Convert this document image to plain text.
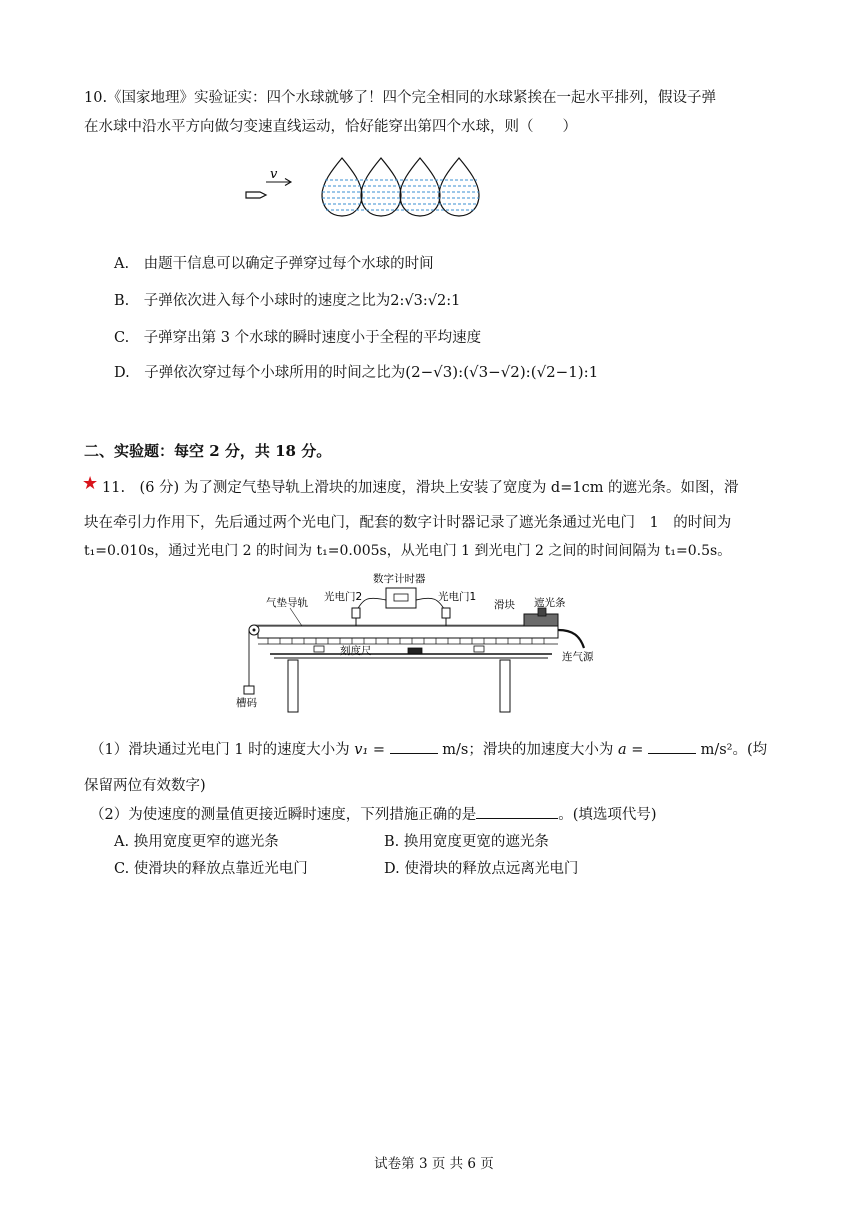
10.《国家地理》实验证实：四个水球就够了！四个完全相同的水球紧挨在一起水平排列，假设子弹
在水球中沿水平方向做匀变速直线运动，恰好能穿出第四个水球，则（　　）
v
A.　由题干信息可以确定子弹穿过每个水球的时间
B.　子弹依次进入每个小球时的速度之比为2:√3:√2:1
C.　子弹穿出第 3 个水球的瞬时速度小于全程的平均速度
D.　子弹依次穿过每个小球所用的时间之比为(2−√3):(√3−√2):(√2−1):1
二、实验题：每空 2 分，共 18 分。
★ 11.　(6 分) 为了测定气垫导轨上滑块的加速度，滑块上安装了宽度为 d=1cm 的遮光条。如图，滑
块在牵引力作用下，先后通过两个光电门，配套的数字计时器记录了遮光条通过光电门　1　的时间为
t₁=0.010s，通过光电门 2 的时间为 t₁=0.005s，从光电门 1 到光电门 2 之间的时间间隔为 t₁=0.5s。
数字计时器
光电门2	光电门1
气垫导轨	滑块 遮光条
刻度尺	连气源
槽码
（1）滑块通过光电门 1 时的速度大小为 v₁ =	m/s；滑块的加速度大小为 a =	m/s²。(均
保留两位有效数字)
（2）为使速度的测量值更接近瞬时速度，下列措施正确的是	。(填选项代号)
A. 换用宽度更窄的遮光条	B. 换用宽度更宽的遮光条
C. 使滑块的释放点靠近光电门	D. 使滑块的释放点远离光电门
试卷第 3 页 共 6 页
